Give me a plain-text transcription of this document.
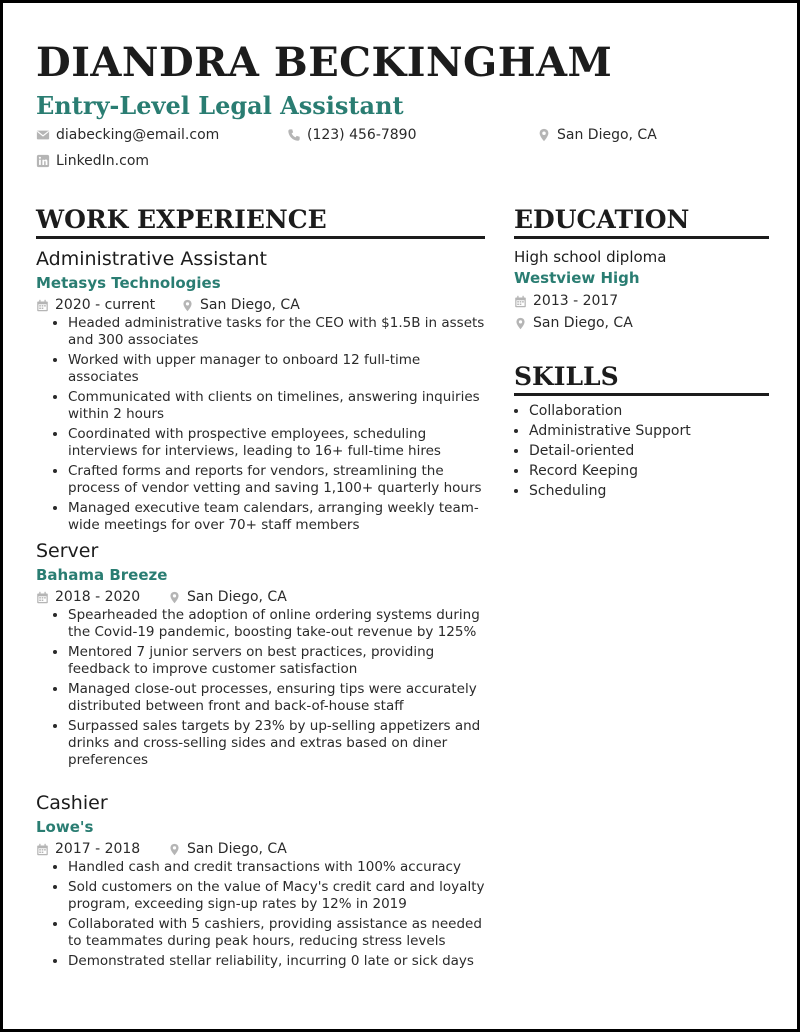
DIANDRA BECKINGHAM
Entry-Level Legal Assistant
diabecking@email.com	(123) 456-7890	San Diego, CA
LinkedIn.com
WORK EXPERIENCE
Administrative Assistant
Metasys Technologies
2020 - current	San Diego, CA
• Headed administrative tasks for the CEO with $1.5B in assets and 300 associates
• Worked with upper manager to onboard 12 full-time associates
• Communicated with clients on timelines, answering inquiries within 2 hours
• Coordinated with prospective employees, scheduling interviews for interviews, leading to 16+ full-time hires
• Crafted forms and reports for vendors, streamlining the process of vendor vetting and saving 1,100+ quarterly hours
• Managed executive team calendars, arranging weekly team-wide meetings for over 70+ staff members
Server
Bahama Breeze
2018 - 2020	San Diego, CA
• Spearheaded the adoption of online ordering systems during the Covid-19 pandemic, boosting take-out revenue by 125%
• Mentored 7 junior servers on best practices, providing feedback to improve customer satisfaction
• Managed close-out processes, ensuring tips were accurately distributed between front and back-of-house staff
• Surpassed sales targets by 23% by up-selling appetizers and drinks and cross-selling sides and extras based on diner preferences
Cashier
Lowe's
2017 - 2018	San Diego, CA
• Handled cash and credit transactions with 100% accuracy
• Sold customers on the value of Macy's credit card and loyalty program, exceeding sign-up rates by 12% in 2019
• Collaborated with 5 cashiers, providing assistance as needed to teammates during peak hours, reducing stress levels
• Demonstrated stellar reliability, incurring 0 late or sick days
EDUCATION
High school diploma
Westview High
2013 - 2017
San Diego, CA
SKILLS
• Collaboration
• Administrative Support
• Detail-oriented
• Record Keeping
• Scheduling
